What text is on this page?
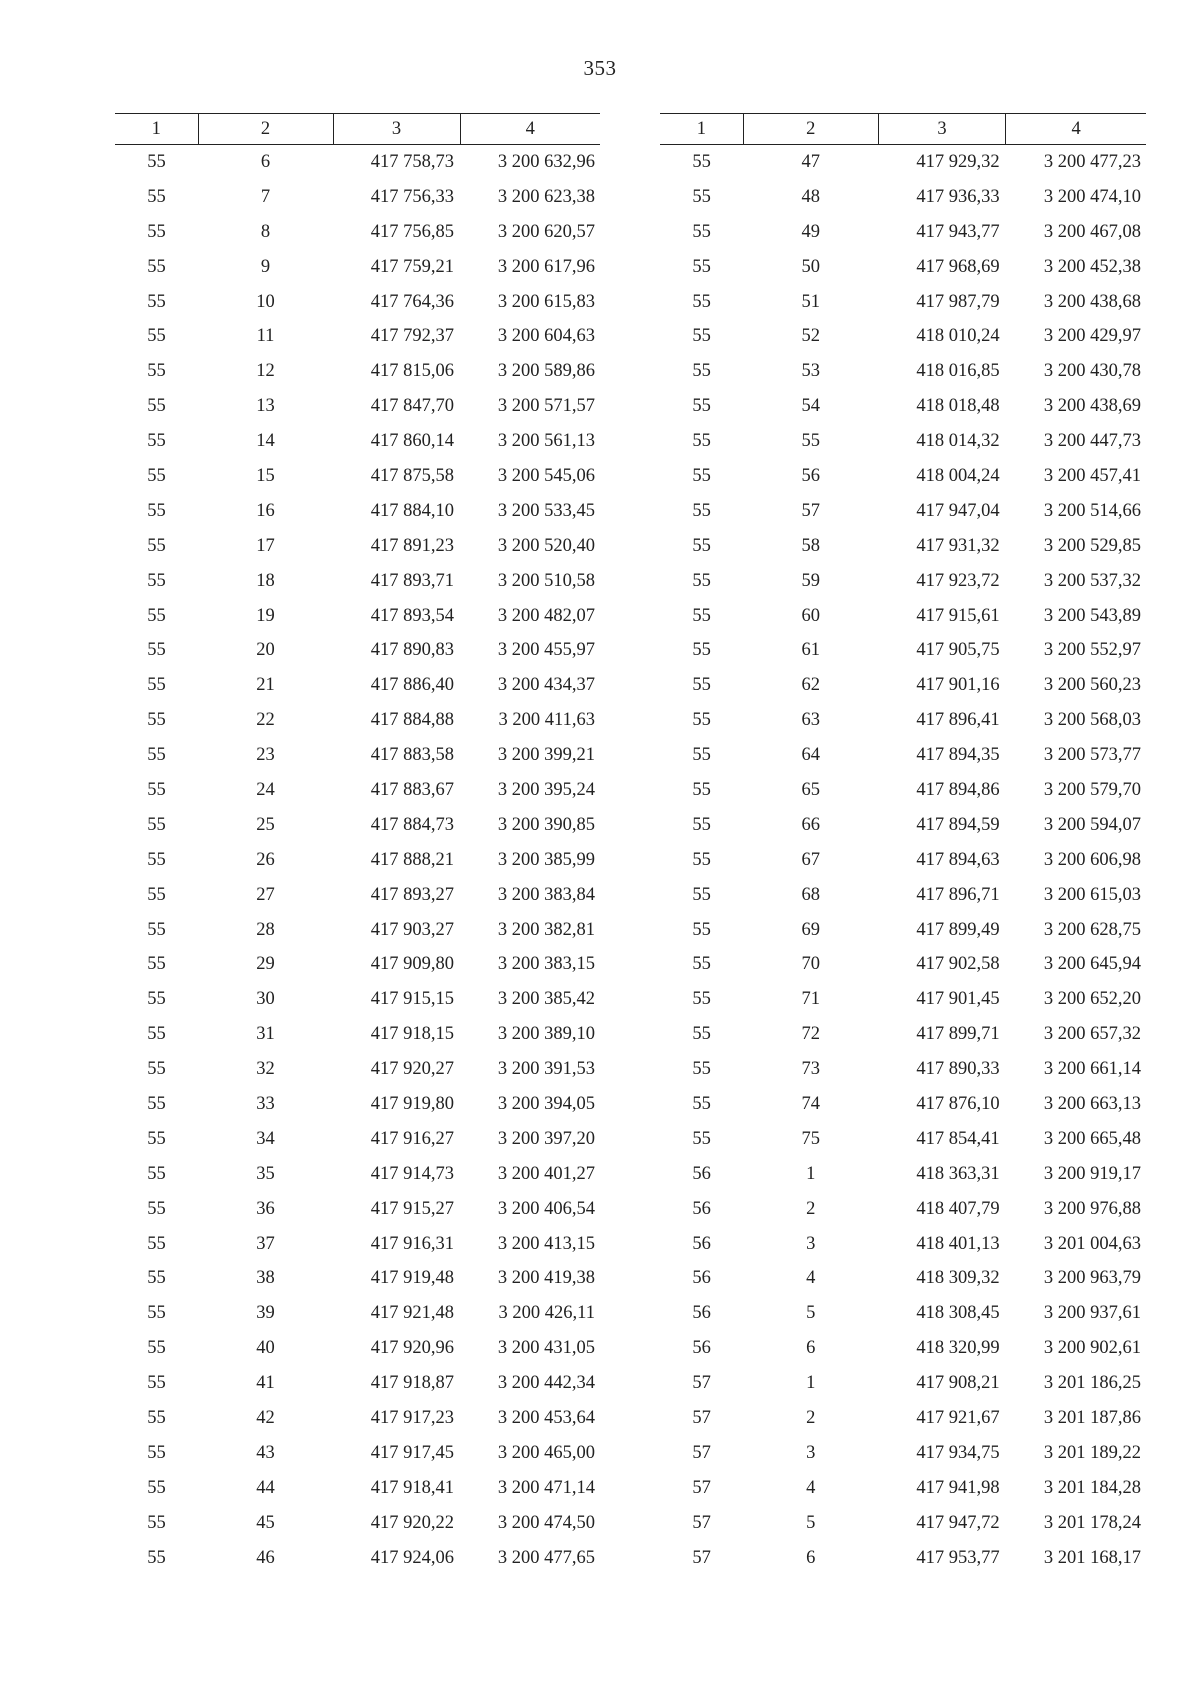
353
1	2	3	4
55	6	417 758,73	3 200 632,96
55	7	417 756,33	3 200 623,38
55	8	417 756,85	3 200 620,57
55	9	417 759,21	3 200 617,96
55	10	417 764,36	3 200 615,83
55	11	417 792,37	3 200 604,63
55	12	417 815,06	3 200 589,86
55	13	417 847,70	3 200 571,57
55	14	417 860,14	3 200 561,13
55	15	417 875,58	3 200 545,06
55	16	417 884,10	3 200 533,45
55	17	417 891,23	3 200 520,40
55	18	417 893,71	3 200 510,58
55	19	417 893,54	3 200 482,07
55	20	417 890,83	3 200 455,97
55	21	417 886,40	3 200 434,37
55	22	417 884,88	3 200 411,63
55	23	417 883,58	3 200 399,21
55	24	417 883,67	3 200 395,24
55	25	417 884,73	3 200 390,85
55	26	417 888,21	3 200 385,99
55	27	417 893,27	3 200 383,84
55	28	417 903,27	3 200 382,81
55	29	417 909,80	3 200 383,15
55	30	417 915,15	3 200 385,42
55	31	417 918,15	3 200 389,10
55	32	417 920,27	3 200 391,53
55	33	417 919,80	3 200 394,05
55	34	417 916,27	3 200 397,20
55	35	417 914,73	3 200 401,27
55	36	417 915,27	3 200 406,54
55	37	417 916,31	3 200 413,15
55	38	417 919,48	3 200 419,38
55	39	417 921,48	3 200 426,11
55	40	417 920,96	3 200 431,05
55	41	417 918,87	3 200 442,34
55	42	417 917,23	3 200 453,64
55	43	417 917,45	3 200 465,00
55	44	417 918,41	3 200 471,14
55	45	417 920,22	3 200 474,50
55	46	417 924,06	3 200 477,65
1	2	3	4
55	47	417 929,32	3 200 477,23
55	48	417 936,33	3 200 474,10
55	49	417 943,77	3 200 467,08
55	50	417 968,69	3 200 452,38
55	51	417 987,79	3 200 438,68
55	52	418 010,24	3 200 429,97
55	53	418 016,85	3 200 430,78
55	54	418 018,48	3 200 438,69
55	55	418 014,32	3 200 447,73
55	56	418 004,24	3 200 457,41
55	57	417 947,04	3 200 514,66
55	58	417 931,32	3 200 529,85
55	59	417 923,72	3 200 537,32
55	60	417 915,61	3 200 543,89
55	61	417 905,75	3 200 552,97
55	62	417 901,16	3 200 560,23
55	63	417 896,41	3 200 568,03
55	64	417 894,35	3 200 573,77
55	65	417 894,86	3 200 579,70
55	66	417 894,59	3 200 594,07
55	67	417 894,63	3 200 606,98
55	68	417 896,71	3 200 615,03
55	69	417 899,49	3 200 628,75
55	70	417 902,58	3 200 645,94
55	71	417 901,45	3 200 652,20
55	72	417 899,71	3 200 657,32
55	73	417 890,33	3 200 661,14
55	74	417 876,10	3 200 663,13
55	75	417 854,41	3 200 665,48
56	1	418 363,31	3 200 919,17
56	2	418 407,79	3 200 976,88
56	3	418 401,13	3 201 004,63
56	4	418 309,32	3 200 963,79
56	5	418 308,45	3 200 937,61
56	6	418 320,99	3 200 902,61
57	1	417 908,21	3 201 186,25
57	2	417 921,67	3 201 187,86
57	3	417 934,75	3 201 189,22
57	4	417 941,98	3 201 184,28
57	5	417 947,72	3 201 178,24
57	6	417 953,77	3 201 168,17
